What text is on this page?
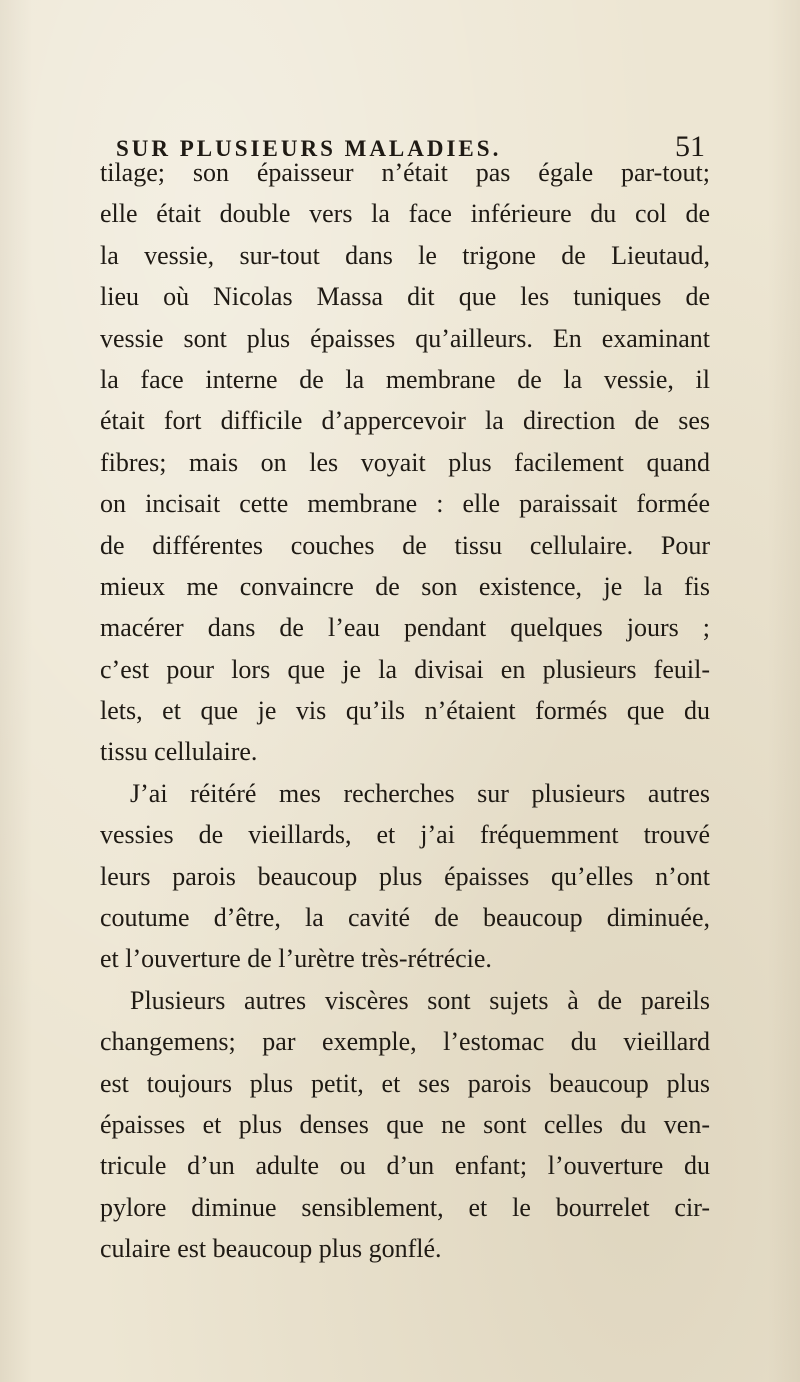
SUR PLUSIEURS MALADIES.	51
tilage; son épaisseur n’était pas égale par-tout;
elle était double vers la face inférieure du col de
la vessie, sur-tout dans le trigone de Lieutaud,
lieu où Nicolas Massa dit que les tuniques de
vessie sont plus épaisses qu’ailleurs. En examinant
la face interne de la membrane de la vessie, il
était fort difficile d’appercevoir la direction de ses
fibres; mais on les voyait plus facilement quand
on incisait cette membrane : elle paraissait formée
de différentes couches de tissu cellulaire. Pour
mieux me convaincre de son existence, je la fis
macérer dans de l’eau pendant quelques jours ;
c’est pour lors que je la divisai en plusieurs feuil-
lets, et que je vis qu’ils n’étaient formés que du
tissu cellulaire.
J’ai réitéré mes recherches sur plusieurs autres
vessies de vieillards, et j’ai fréquemment trouvé
leurs parois beaucoup plus épaisses qu’elles n’ont
coutume d’être, la cavité de beaucoup diminuée,
et l’ouverture de l’urètre très-rétrécie.
Plusieurs autres viscères sont sujets à de pareils
changemens; par exemple, l’estomac du vieillard
est toujours plus petit, et ses parois beaucoup plus
épaisses et plus denses que ne sont celles du ven-
tricule d’un adulte ou d’un enfant; l’ouverture du
pylore diminue sensiblement, et le bourrelet cir-
culaire est beaucoup plus gonflé.
